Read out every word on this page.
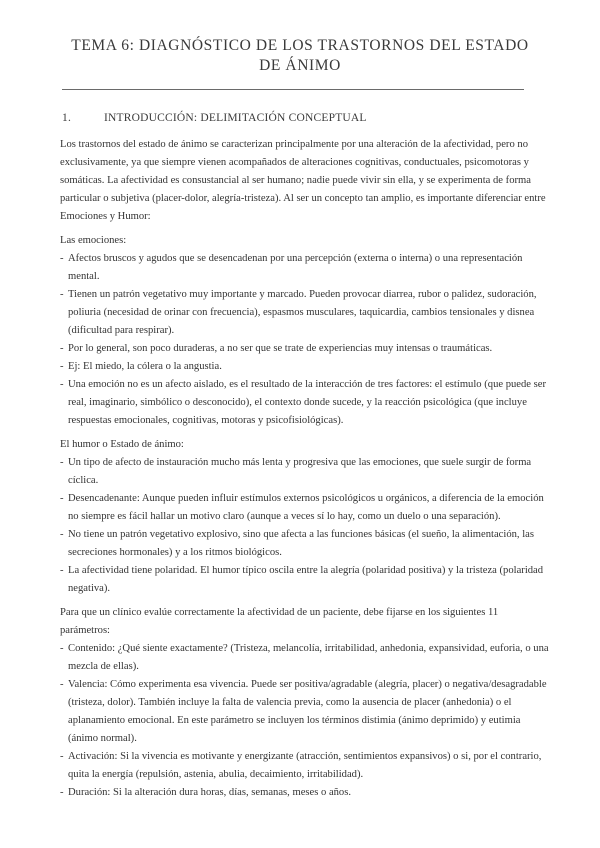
TEMA 6: DIAGNÓSTICO DE LOS TRASTORNOS DEL ESTADO DE ÁNIMO
1.	INTRODUCCIÓN: DELIMITACIÓN CONCEPTUAL

Los trastornos del estado de ánimo se caracterizan principalmente por una alteración de la afectividad, pero no exclusivamente, ya que siempre vienen acompañados de alteraciones cognitivas, conductuales, psicomotoras y somáticas. La afectividad es consustancial al ser humano; nadie puede vivir sin ella, y se experimenta de forma particular o subjetiva (placer-dolor, alegría-tristeza). Al ser un concepto tan amplio, es importante diferenciar entre Emociones y Humor:

Las emociones:

- Afectos bruscos y agudos que se desencadenan por una percepción (externa o interna) o una representación mental.
- Tienen un patrón vegetativo muy importante y marcado. Pueden provocar diarrea, rubor o palidez, sudoración, poliuria (necesidad de orinar con frecuencia), espasmos musculares, taquicardia, cambios tensionales y disnea (dificultad para respirar).
- Por lo general, son poco duraderas, a no ser que se trate de experiencias muy intensas o traumáticas.
- Ej: El miedo, la cólera o la angustia.
- Una emoción no es un afecto aislado, es el resultado de la interacción de tres factores: el estímulo (que puede ser real, imaginario, simbólico o desconocido), el contexto donde sucede, y la reacción psicológica (que incluye respuestas emocionales, cognitivas, motoras y psicofisiológicas).

El humor o Estado de ánimo:

- Un tipo de afecto de instauración mucho más lenta y progresiva que las emociones, que suele surgir de forma cíclica.
- Desencadenante: Aunque pueden influir estímulos externos psicológicos u orgánicos, a diferencia de la emoción no siempre es fácil hallar un motivo claro (aunque a veces sí lo hay, como un duelo o una separación).
- No tiene un patrón vegetativo explosivo, sino que afecta a las funciones básicas (el sueño, la alimentación, las secreciones hormonales) y a los ritmos biológicos.
- La afectividad tiene polaridad. El humor típico oscila entre la alegría (polaridad positiva) y la tristeza (polaridad negativa).

Para que un clínico evalúe correctamente la afectividad de un paciente, debe fijarse en los siguientes 11 parámetros:

- Contenido: ¿Qué siente exactamente? (Tristeza, melancolía, irritabilidad, anhedonia, expansividad, euforia, o una mezcla de ellas).
- Valencia: Cómo experimenta esa vivencia. Puede ser positiva/agradable (alegría, placer) o negativa/desagradable (tristeza, dolor). También incluye la falta de valencia previa, como la ausencia de placer (anhedonia) o el aplanamiento emocional. En este parámetro se incluyen los términos distimia (ánimo deprimido) y eutimia (ánimo normal).
- Activación: Si la vivencia es motivante y energizante (atracción, sentimientos expansivos) o si, por el contrario, quita la energía (repulsión, astenia, abulia, decaimiento, irritabilidad).
- Duración: Si la alteración dura horas, días, semanas, meses o años.
